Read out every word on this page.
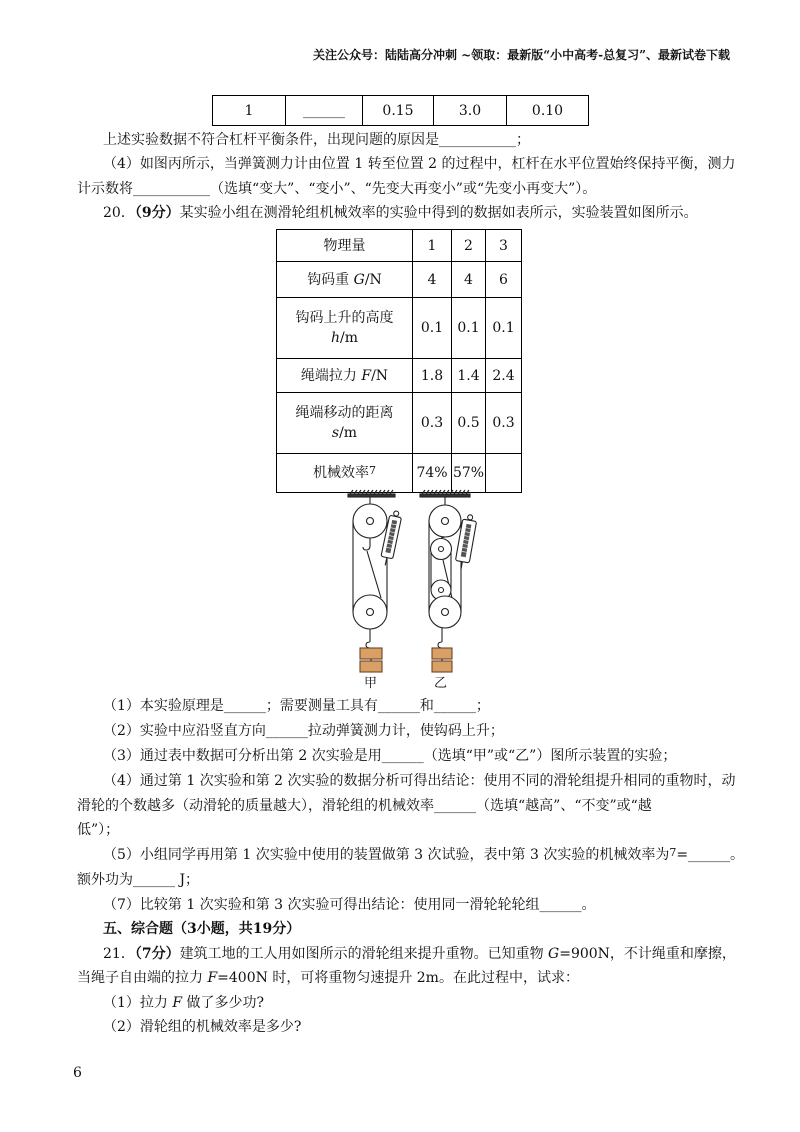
关注公众号：陆陆高分冲刺 ~领取：最新版“小中高考-总复习”、最新试卷下载
1	______	0.15	3.0	0.10
上述实验数据不符合杠杆平衡条件，出现问题的原因是___________；
（4）如图丙所示，当弹簧测力计由位置 1 转至位置 2 的过程中，杠杆在水平位置始终保持平衡，测力
计示数将___________（选填“变大”、“变小”、“先变大再变小”或“先变小再变大”）。
20．（9分）某实验小组在测滑轮组机械效率的实验中得到的数据如表所示，实验装置如图所示。
物理量	1	2	3
钩码重 G/N	4	4	6
钩码上升的高度
h/m	0.1	0.1	0.1
绳端拉力 F/N	1.8	1.4	2.4
绳端移动的距离
s/m	0.3	0.5	0.3
机械效率$^7$	74%	57%	
甲	乙
（1）本实验原理是______；需要测量工具有______和______；
（2）实验中应沿竖直方向______拉动弹簧测力计，使钩码上升；
（3）通过表中数据可分析出第 2 次实验是用______（选填“甲”或“乙”）图所示装置的实验；
（4）通过第 1 次实验和第 2 次实验的数据分析可得出结论：使用不同的滑轮组提升相同的重物时，动
滑轮的个数越多（动滑轮的质量越大），滑轮组的机械效率______（选填“越高”、“不变”或“越
低”）；
（5）小组同学再用第 1 次实验中使用的装置做第 3 次试验，表中第 3 次实验的机械效率为$^7$=______。
额外功为______ J；
（7）比较第 1 次实验和第 3 次实验可得出结论：使用同一滑轮轮轮组______。
五、综合题（3小题，共19分）
21．（7分）建筑工地的工人用如图所示的滑轮组来提升重物。已知重物 G=900N，不计绳重和摩擦，
当绳子自由端的拉力 F=400N 时，可将重物匀速提升 2m。在此过程中，试求：
（1）拉力 F 做了多少功?
（2）滑轮组的机械效率是多少?
6
